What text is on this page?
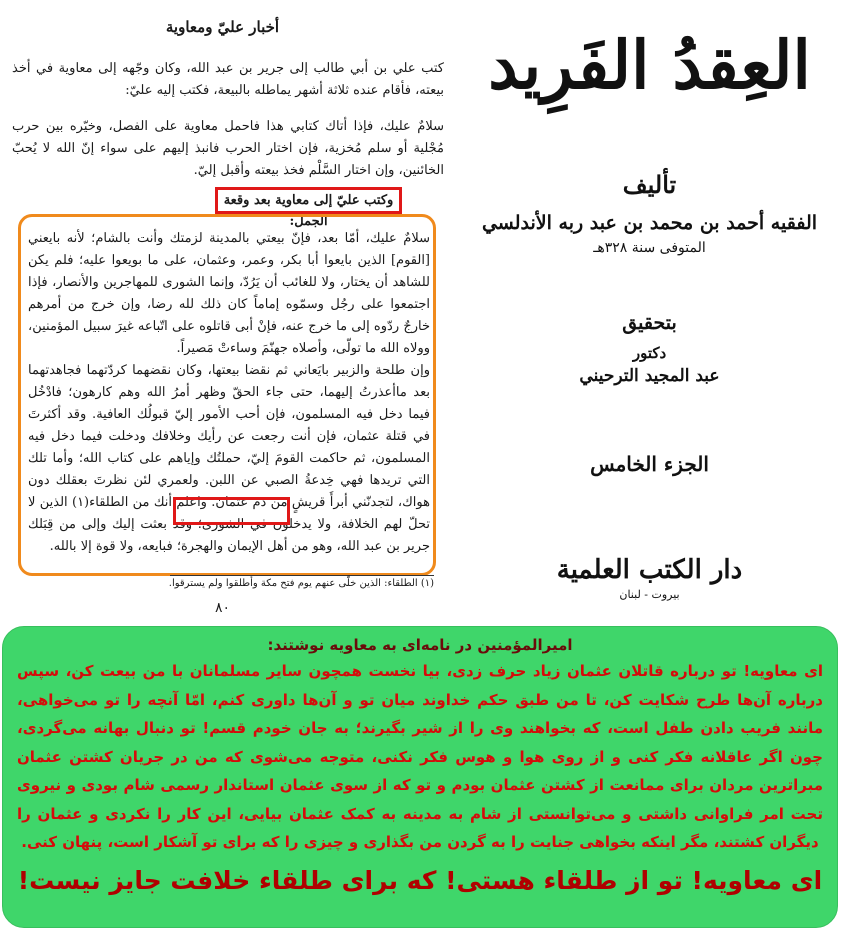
أخبار عليّ ومعاوية
كتب علي بن أبي طالب إلى جرير بن عبد الله، وكان وجّهه إلى معاوية في أخذ بيعته، فأقام عنده ثلاثة أشهر يماطله بالبيعة، فكتب إليه عليّ:
سلامٌ عليك، فإذا أتاك كتابي هذا فاحمل معاوية على الفصل، وخيّره بين حرب مُجْلية أو سلم مُخزية، فإن اختار الحرب فانبذ إليهم على سواء إنّ الله لا يُحبّ الخائنين، وإن اختار السَّلْم فخذ بيعته وأقبل إليّ.
وكتب عليّ إلى معاوية بعد وقعة الجمل:
سلامٌ عليك، أمّا بعد، فإنّ بيعتي بالمدينة لزمتك وأنت بالشام؛ لأنه بايعني [القوم] الذين بايعوا أبا بكر، وعمر، وعثمان، على ما بويعوا عليه؛ فلم يكن للشاهد أن يختار، ولا للغائب أن يَرُدّ، وإنما الشورى للمهاجرين والأنصار، فإذا اجتمعوا على رجُل وسمّوه إماماً كان ذلك لله رضا، وإن خرج من أمرهم خارجٌ ردّوه إلى ما خرج عنه، فإنْ أبى قاتلوه على اتّباعه غيرَ سبيل المؤمنين، وولاه الله ما تولّى، وأصلاه جهنّمَ وساءتْ مَصيراً.
وإن طلحة والزبير بايَعاني ثم نقضا بيعتها، وكان نقضهما كردّتهما فجاهدتهما بعد ماأعذرتُ إليهما، حتى جاء الحقّ وظهر أمرُ الله وهم كارهون؛ فادْخُل فيما دخل فيه المسلمون، فإن أحب الأمور إليّ قبولُك العافية. وقد أكثرتَ في قتلة عثمان، فإن أنت رجعت عن رأيك وخلافك ودخلت فيما دخل فيه المسلمون، ثم حاكمت القومَ إليّ، حملتُك وإياهم على كتاب الله؛ وأما تلك التي تريدها فهي خِدعةُ الصبي عن اللبن. ولعمري لئن نظرتَ بعقلك دون هواك، لتجدنّني أبرأَ قريشٍ من دم عثمان. واعلم أنك من الطلقاء(١) الذين لا تحلّ لهم الخلافة، ولا يدخلون في الشورى؛ وقد بعثت إليك وإلى من قِبَلك جرير بن عبد الله، وهو من أهل الإيمان والهجرة؛ فبايعه، ولا قوة إلا بالله.
(١) الطلقاء: الذين خلّى عنهم يوم فتح مكة وأطلقوا ولم يسترقوا.
٨٠
العِقدُ الفَرِيد
تأليف
الفقيه أحمد بن محمد بن عبد ربه الأندلسي
المتوفى سنة ٣٢٨هـ
بتحقيق
دكتور
عبد المجيد الترحيني
الجزء الخامس
دار الكتب العلمية
بيروت - لبنان
امیرالمؤمنین در نامه‌ای به معاویه نوشتند:
ای معاویه! تو درباره قاتلان عثمان زیاد حرف زدی، بیا نخست همچون سایر مسلمانان با من بیعت کن، سپس درباره آن‌ها طرح شکایت کن، تا من طبق حکم خداوند میان تو و آن‌ها داوری کنم، امّا آنچه را تو می‌خواهی، مانند فریب دادن طفل است، که بخواهند وی را از شیر بگیرند؛ به جان خودم قسم! تو دنبال بهانه می‌گردی، چون اگر عاقلانه فکر کنی و از روی هوا و هوس فکر نکنی، متوجه می‌شوی که من در جریان کشتن عثمان مبراترین مردان برای ممانعت از کشتن عثمان بودم و تو که از سوی عثمان استاندار رسمی شام بودی و نیروی تحت امر فراوانی داشتی و می‌توانستی از شام به مدینه به کمک عثمان بیایی، این کار را نکردی و عثمان را دیگران کشتند، مگر اینکه بخواهی جنایت را به گردن من بگذاری و چیزی را که برای تو آشکار است، پنهان کنی.
ای معاویه! تو از طلقاء هستی! که برای طلقاء خلافت جایز نیست!
